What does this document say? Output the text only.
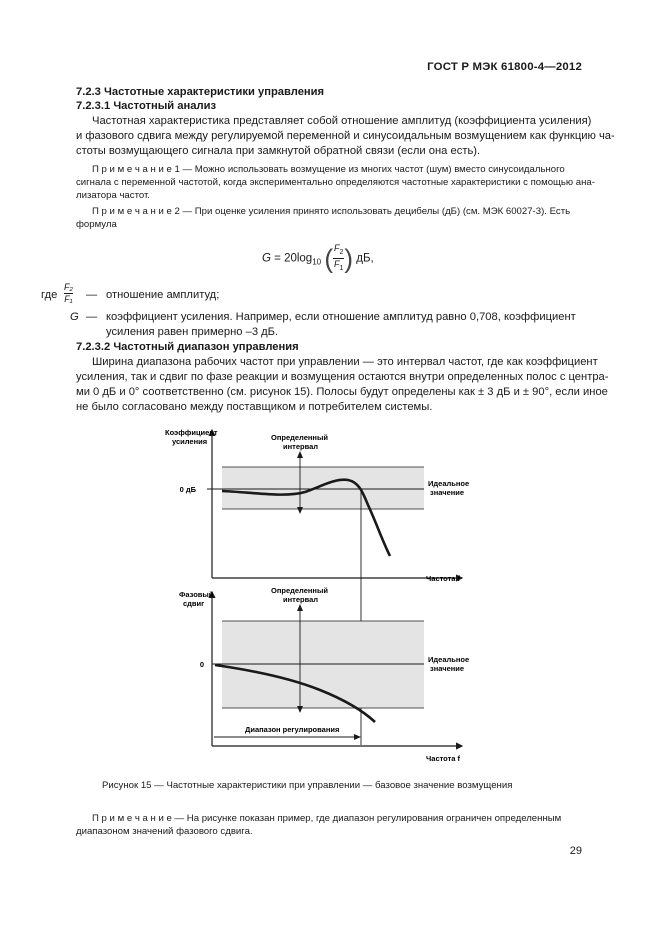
ГОСТ Р МЭК 61800-4—2012
7.2.3 Частотные характеристики управления
7.2.3.1 Частотный анализ
Частотная характеристика представляет собой отношение амплитуд (коэффициента усиления)
и фазового сдвига между регулируемой переменной и синусоидальным возмущением как функцию ча-
стоты возмущающего сигнала при замкнутой обратной связи (если она есть).
П р и м е ч а н и е 1 — Можно использовать возмущение из многих частот (шум) вместо синусоидального
сигнала с переменной частотой, когда экспериментально определяются частотные характеристики с помощью ана-
лизатора частот.
П р и м е ч а н и е 2 — При оценке усиления принято использовать децибелы (дБ) (см. МЭК 60027-3). Есть
формула
$G = 20\log_{10}$ ( $\frac{F_2}{F_1}$ ) дБ,
где $\frac{\text{F₂}}{\text{F₁}}$ — отношение амплитуд;
G — коэффициент усиления. Например, если отношение амплитуд равно 0,708, коэффициент
усиления равен примерно –3 дБ.
7.2.3.2 Частотный диапазон управления
Ширина диапазона рабочих частот при управлении — это интервал частот, где как коэффициент
усиления, так и сдвиг по фазе реакции и возмущения остаются внутри определенных полос с центра-
ми 0 дБ и 0° соответственно (см. рисунок 15). Полосы будут определены как ± 3 дБ и ± 90°, если иное
не было согласовано между поставщиком и потребителем системы.
Коэффициент
усиления	Определенный
интервал
0 дБ
Идеальное
значение
Частота f
Фазовый
сдвиг
Определенный
интервал
0
Идеальное
значение
Диапазон регулирования
Частота f
Рисунок 15 — Частотные характеристики при управлении — базовое значение возмущения
П р и м е ч а н и е — На рисунке показан пример, где диапазон регулирования ограничен определенным
диапазоном значений фазового сдвига.
29
